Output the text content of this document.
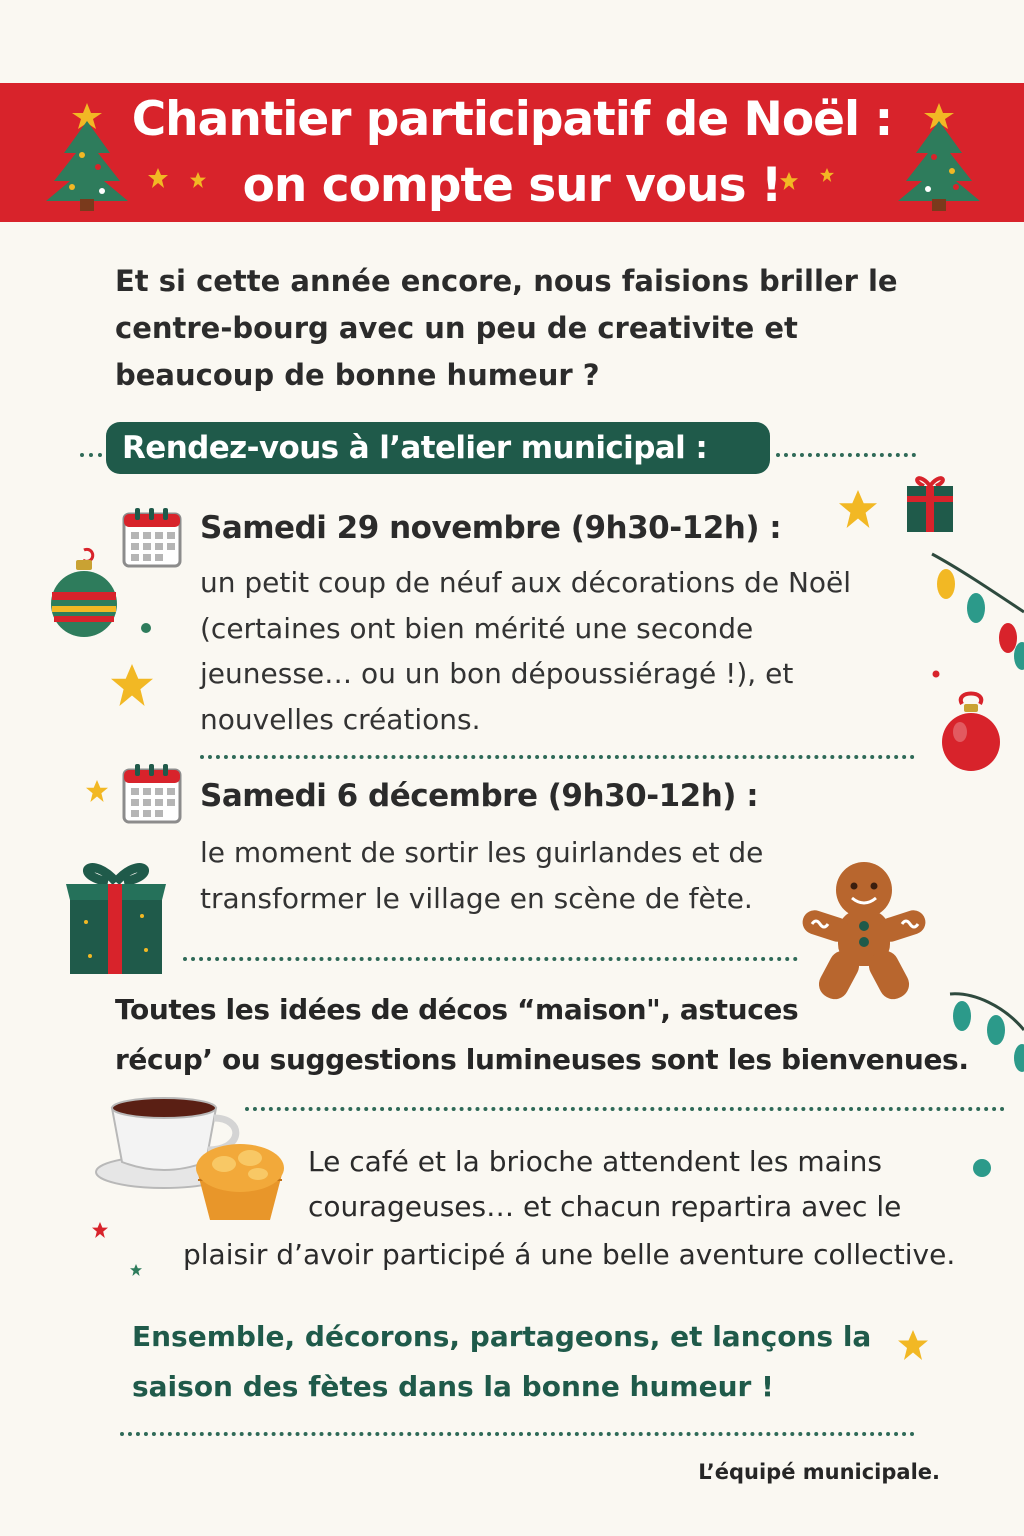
Chantier participatif de Noël :
on compte sur vous !
Et si cette année encore, nous faisions briller le
centre-bourg avec un peu de creativite et
beaucoup de bonne humeur ?
Rendez-vous à l’atelier municipal :
Samedi 29 novembre (9h30-12h) :
un petit coup de néuf aux décorations de Noël
(certaines ont bien mérité une seconde
jeunesse… ou un bon dépoussiéragé !), et
nouvelles créations.
Samedi 6 décembre (9h30-12h) :
le moment de sortir les guirlandes et de
transformer le village en scène de fète.
Toutes les idées de décos “maison", astuces
récup’ ou suggestions lumineuses sont les bienvenues.
Le café et la brioche attendent les mains
courageuses… et chacun repartira avec le
plaisir d’avoir participé á une belle aventure collective.
Ensemble, décorons, partageons, et lançons la
saison des fètes dans la bonne humeur !
L’équipé municipale.
